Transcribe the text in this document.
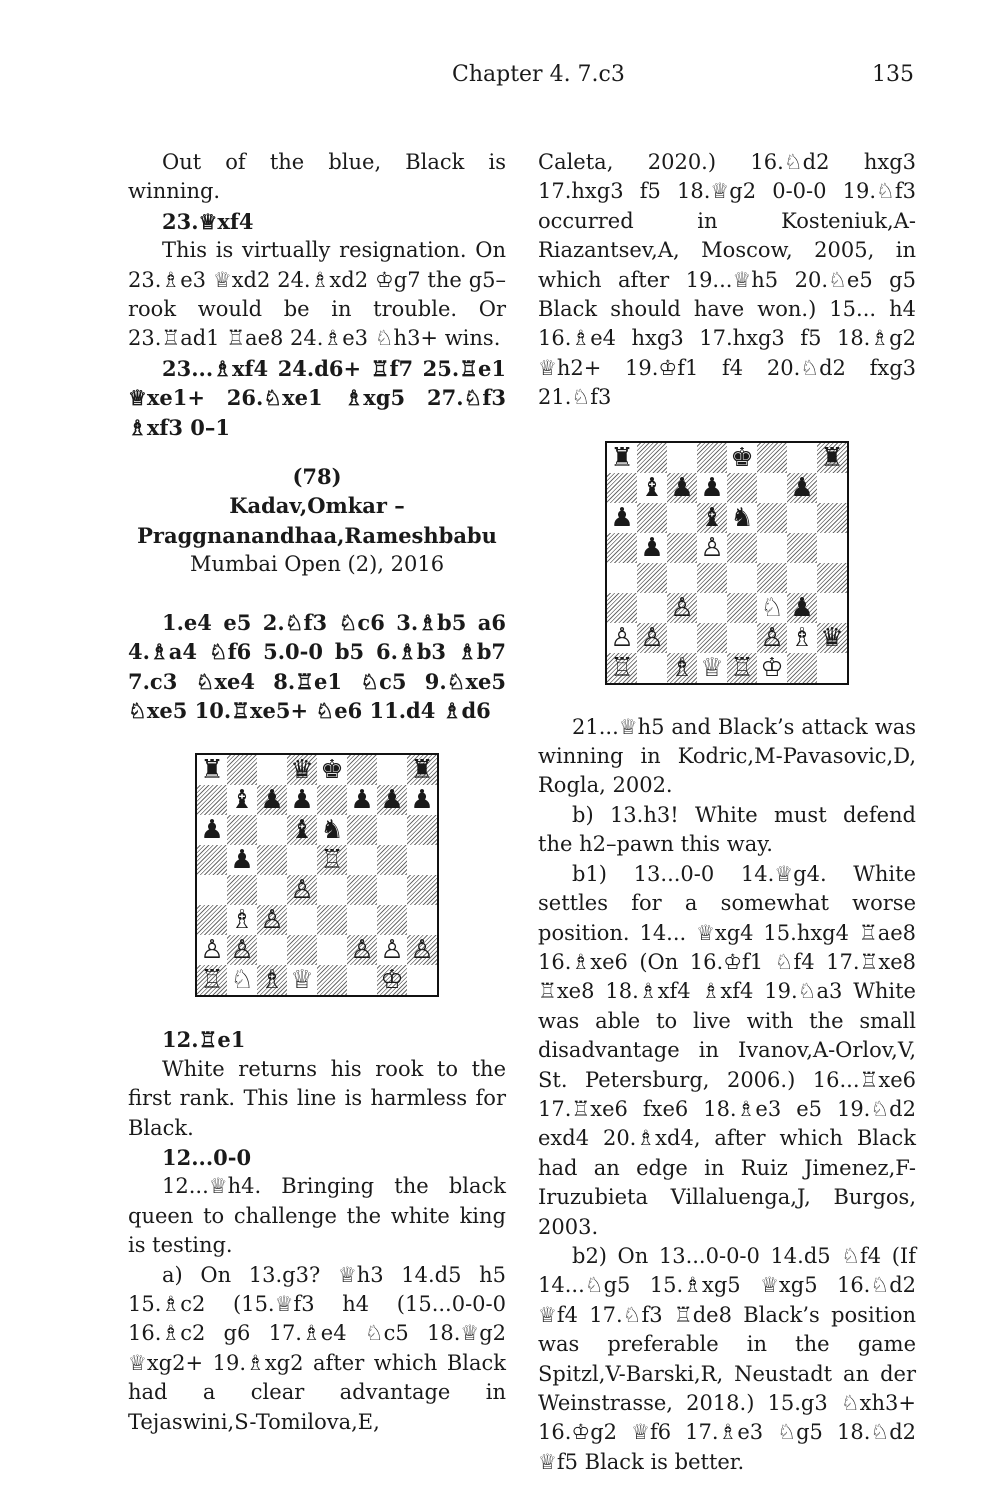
Chapter 4. 7.c3	135

Out of the blue, Black is winning.

23.♕xf4

This is virtually resignation. On 23.♗e3 ♕xd2 24.♗xd2 ♔g7 the g5–rook would be in trouble. Or 23.♖ad1 ♖ae8 24.♗e3 ♘h3+ wins.

23...♗xf4 24.d6+ ♖f7 25.♖e1 ♕xe1+ 26.♘xe1 ♗xg5 27.♘f3 ♗xf3 0–1

(78)
Kadav,Omkar –
Praggnanandhaa,Rameshbabu
Mumbai Open (2), 2016

1.e4 e5 2.♘f3 ♘c6 3.♗b5 a6 4.♗a4 ♘f6 5.0-0 b5 6.♗b3 ♗b7 7.c3 ♘xe4 8.♖e1 ♘c5 9.♘xe5 ♘xe5 10.♖xe5+ ♘e6 11.d4 ♗d6

♜	♛ ♚	♜
♝ ♟ ♟ ♟ ♟ ♟
♟	♝ ♞
♟	♖
♙
♗ ♙
♙ ♙	♙ ♙ ♙
♖ ♘ ♗ ♕	♔

12.♖e1

White returns his rook to the first rank. This line is harmless for Black.

12...0-0

12...♕h4. Bringing the black queen to challenge the white king is testing.

a) On 13.g3? ♕h3 14.d5 h5 15.♗c2 (15.♕f3 h4 (15...0-0-0 16.♗c2 g6 17.♗e4 ♘c5 18.♕g2 ♕xg2+ 19.♗xg2 after which Black had a clear advantage in Tejaswini,S-Tomilova,E,

Caleta, 2020.) 16.♘d2 hxg3 17.hxg3 f5 18.♕g2 0-0-0 19.♘f3 occurred in Kosteniuk,A-Riazantsev,A, Moscow, 2005, in which after 19...♕h5 20.♘e5 g5 Black should have won.) 15... h4 16.♗e4 hxg3 17.hxg3 f5 18.♗g2 ♕h2+ 19.♔f1 f4 20.♘d2 fxg3 21.♘f3

♜	♚	♜
♝ ♟ ♟	♟
♟	♝ ♞
♟ ♙
♙	♘ ♟
♙ ♙	♙ ♗ ♛
♖ ♗ ♕ ♖ ♔

21...♕h5 and Black’s attack was winning in Kodric,M-Pavasovic,D, Rogla, 2002.

b) 13.h3! White must defend the h2–pawn this way.

b1) 13...0-0 14.♕g4. White settles for a somewhat worse position. 14... ♕xg4 15.hxg4 ♖ae8 16.♗xe6 (On 16.♔f1 ♘f4 17.♖xe8 ♖xe8 18.♗xf4 ♗xf4 19.♘a3 White was able to live with the small disadvantage in Ivanov,A-Orlov,V, St. Petersburg, 2006.) 16...♖xe6 17.♖xe6 fxe6 18.♗e3 e5 19.♘d2 exd4 20.♗xd4, after which Black had an edge in Ruiz Jimenez,F-Iruzubieta Villaluenga,J, Burgos, 2003.

b2) On 13...0-0-0 14.d5 ♘f4 (If 14...♘g5 15.♗xg5 ♕xg5 16.♘d2 ♕f4 17.♘f3 ♖de8 Black’s position was preferable in the game Spitzl,V-Barski,R, Neustadt an der Weinstrasse, 2018.) 15.g3 ♘xh3+ 16.♔g2 ♕f6 17.♗e3 ♘g5 18.♘d2 ♕f5 Black is better.
